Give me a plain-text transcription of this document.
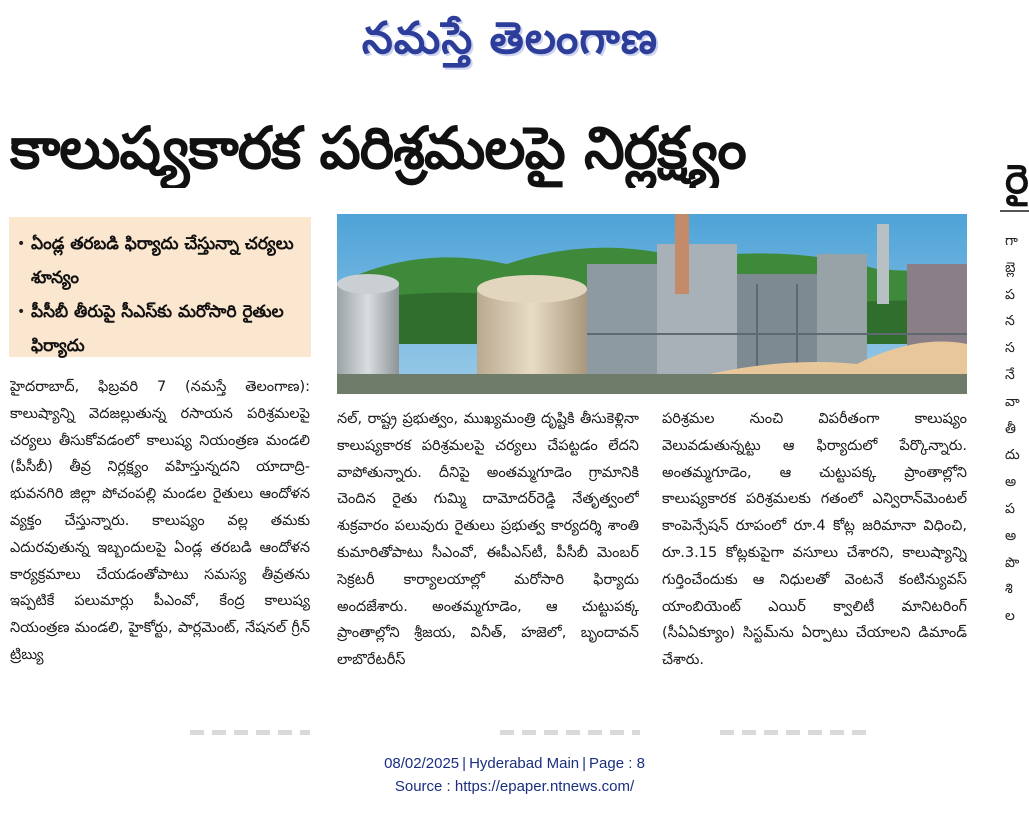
నమస్తే తెలంగాణ
కాలుష్యకారక పరిశ్రమలపై నిర్లక్ష్యం
• ఏండ్ల తరబడి ఫిర్యాదు చేస్తున్నా చర్యలు శూన్యం
• పీసీబీ తీరుపై సీఎస్‌కు మరోసారి రైతుల ఫిర్యాదు
హైదరాబాద్, ఫిబ్రవరి 7 (నమస్తే తెలంగాణ): కాలుష్యాన్ని వెదజల్లుతున్న రసాయన పరిశ్రమలపై చర్యలు తీసుకోవడంలో కాలుష్య నియంత్రణ మండలి (పీసీబీ) తీవ్ర నిర్లక్ష్యం వహిస్తున్నదని యాదాద్రి-భువనగిరి జిల్లా పోచంపల్లి మండల రైతులు ఆందోళన వ్యక్తం చేస్తున్నారు. కాలుష్యం వల్ల తమకు ఎదురవుతున్న ఇబ్బందులపై ఏండ్ల తరబడి ఆందోళన కార్యక్రమాలు చేయడంతోపాటు సమస్య తీవ్రతను ఇప్పటికే పలుమార్లు పీఎంవో, కేంద్ర కాలుష్య నియంత్రణ మండలి, హైకోర్టు, పార్లమెంట్, నేషనల్ గ్రీన్ ట్రిబ్యు
నల్, రాష్ట్ర ప్రభుత్వం, ముఖ్యమంత్రి దృష్టికి తీసుకెళ్లినా కాలుష్యకారక పరిశ్రమలపై చర్యలు చేపట్టడం లేదని వాపోతున్నారు. దీనిపై అంతమ్మగూడెం గ్రామానికి చెందిన రైతు గుమ్మి దామోదర్‌రెడ్డి నేతృత్వంలో శుక్రవారం పలువురు రైతులు ప్రభుత్వ కార్యదర్శి శాంతి కుమారితోపాటు సీఎంవో, ఈపీఎస్‌టీ, పీసీబీ మెంబర్ సెక్రటరీ కార్యాలయాల్లో మరోసారి ఫిర్యాదు అందజేశారు. అంతమ్మగూడెం, ఆ చుట్టుపక్క ప్రాంతాల్లోని శ్రీజయ, వినీత్, హజెలో, బృందావన్ లాబొరేటరీస్
పరిశ్రమల నుంచి విపరీతంగా కాలుష్యం వెలువడుతున్నట్టు ఆ ఫిర్యాదులో పేర్కొన్నారు. అంతమ్మగూడెం, ఆ చుట్టుపక్క ప్రాంతాల్లోని కాలుష్యకారక పరిశ్రమలకు గతంలో ఎన్విరాన్‌మెంటల్ కాంపెన్సేషన్ రూపంలో రూ.4 కోట్ల జరిమానా విధించి, రూ.3.15 కోట్లకుపైగా వసూలు చేశారని, కాలుష్యాన్ని గుర్తించేందుకు ఆ నిధులతో వెంటనే కంటిన్యువస్ యాంబియెంట్ ఎయిర్ క్వాలిటీ మానిటరింగ్ (సీఏఏక్యూం) సిస్టమ్‌ను ఏర్పాటు చేయాలని డిమాండ్ చేశారు.
రై
గా
బ్లె
ప
న
స
నే
వా
తీ
దు
అ
ప
అ
పొ
శి
ల
08/02/2025 | Hyderabad Main | Page : 8
Source : https://epaper.ntnews.com/
